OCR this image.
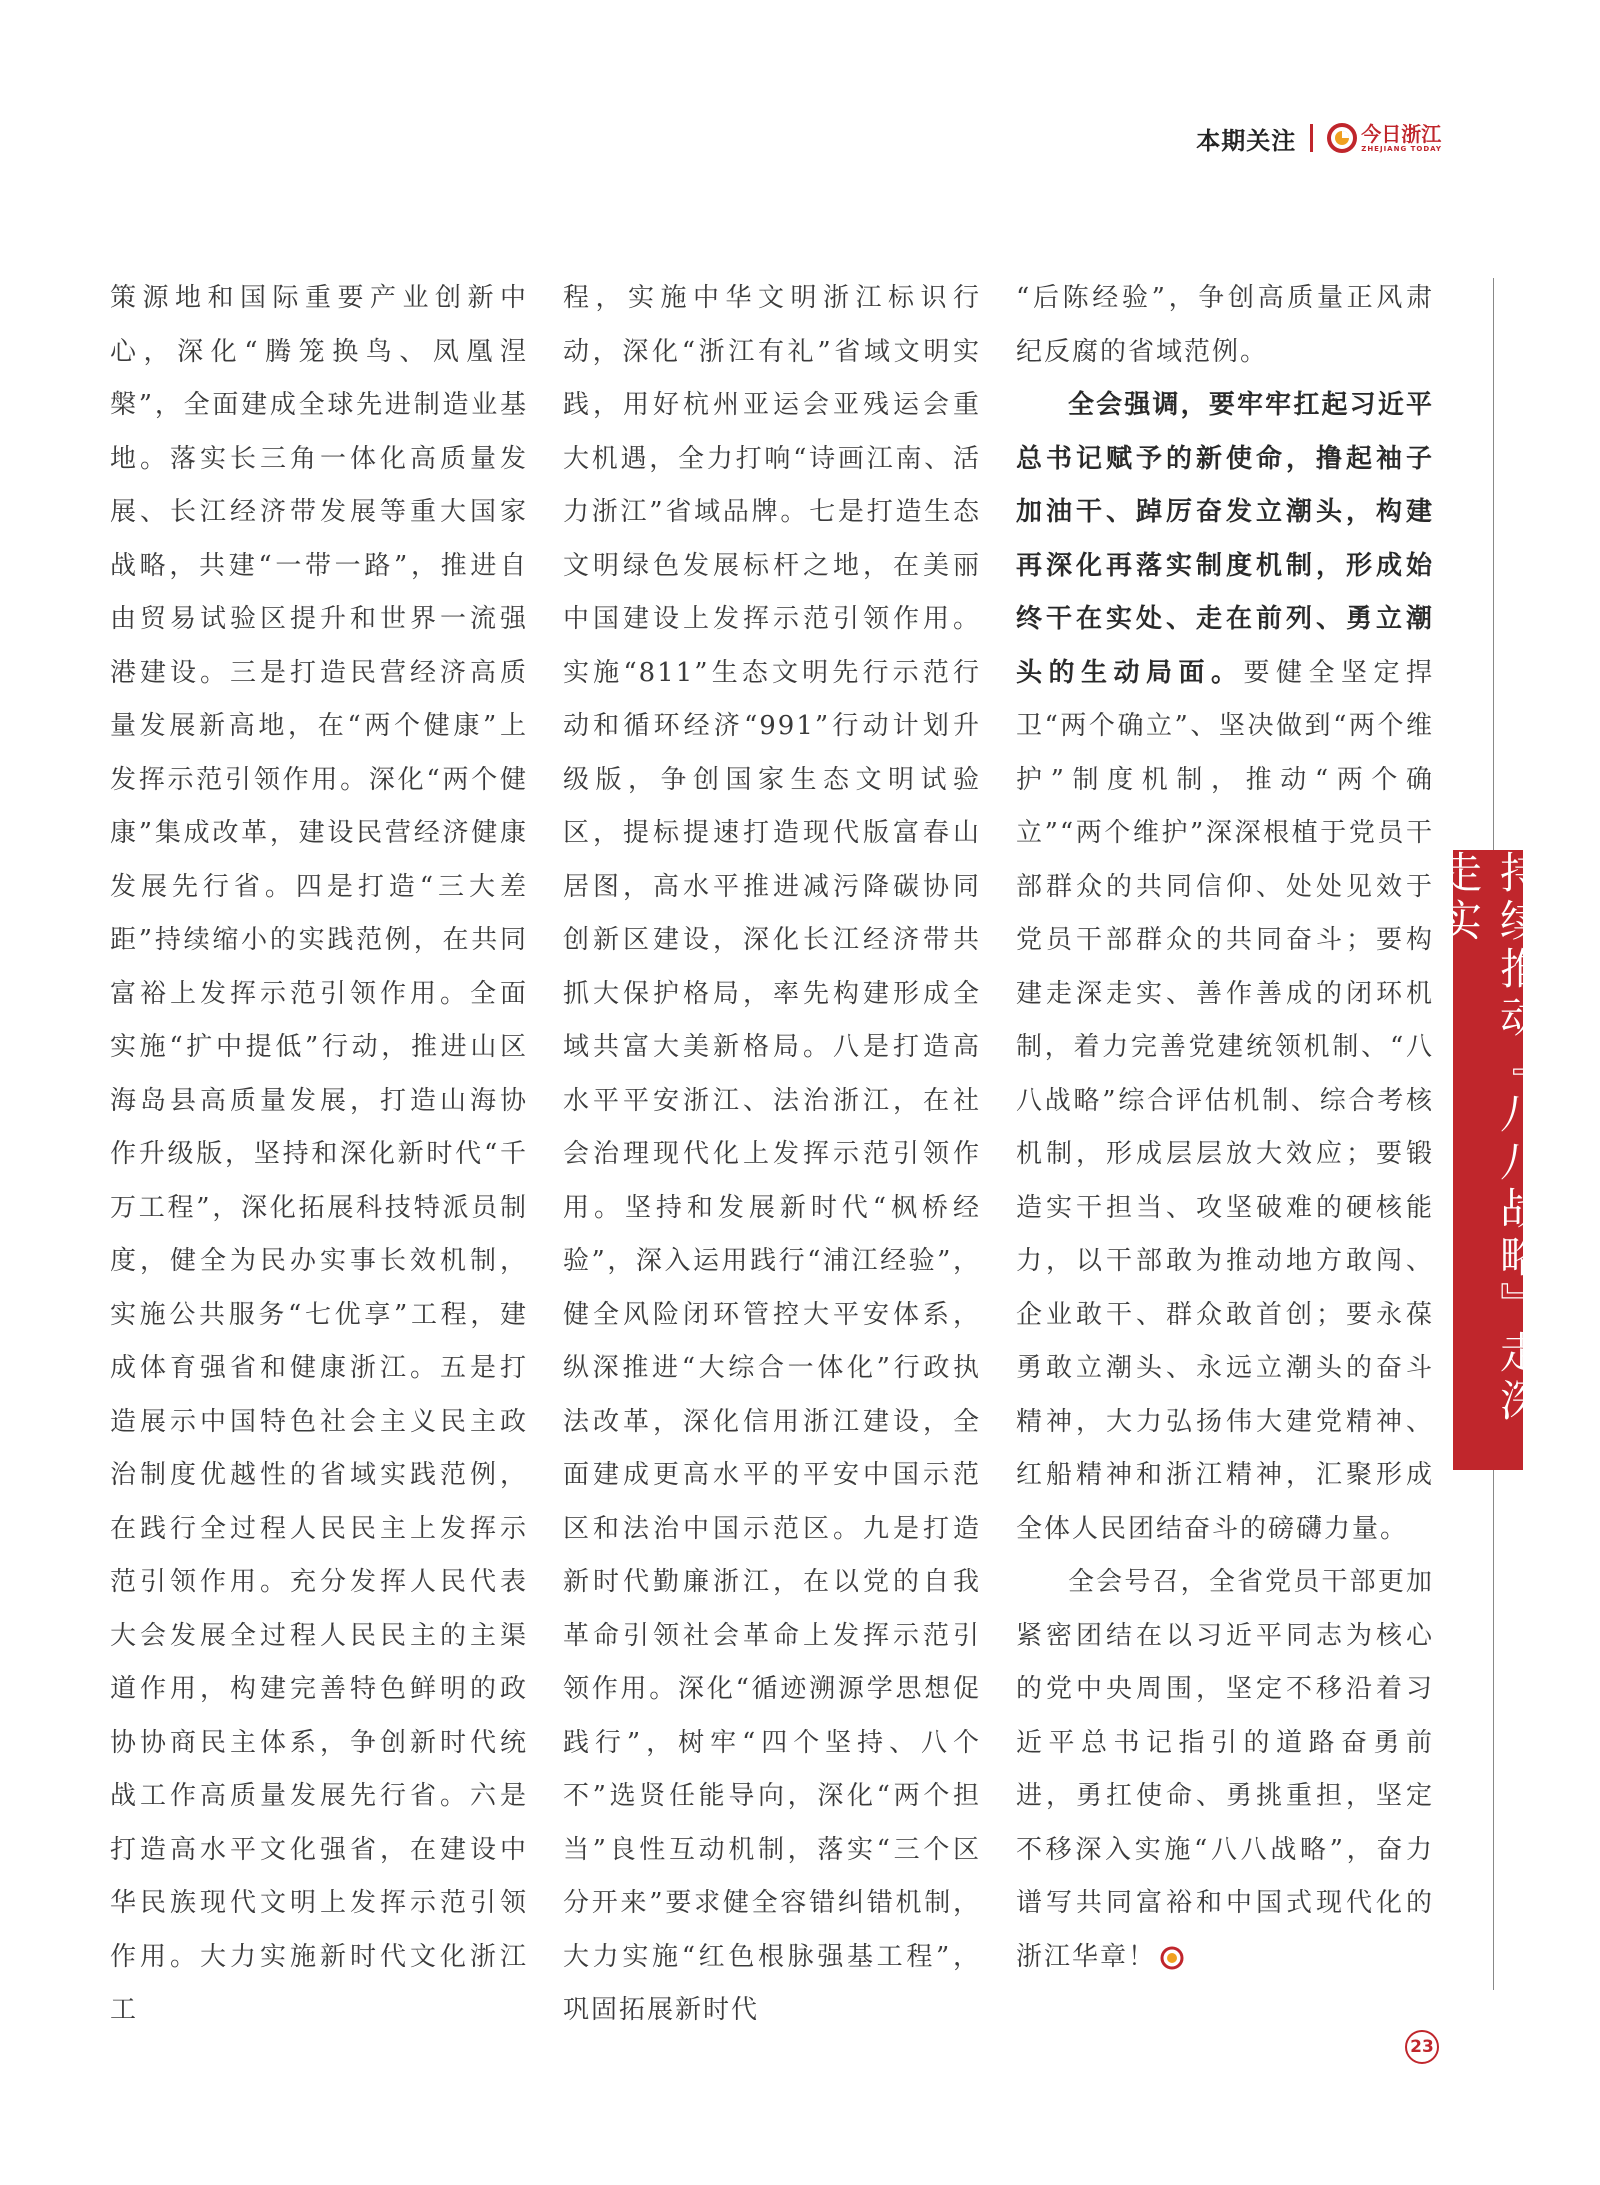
本期关注	今日浙江
ZHEJIANG TODAY

策源地和国际重要产业创新中心，深化“腾笼换鸟、凤凰涅槃”，全面建成全球先进制造业基地。落实长三角一体化高质量发展、长江经济带发展等重大国家战略，共建“一带一路”，推进自由贸易试验区提升和世界一流强港建设。三是打造民营经济高质量发展新高地，在“两个健康”上发挥示范引领作用。深化“两个健康”集成改革，建设民营经济健康发展先行省。四是打造“三大差距”持续缩小的实践范例，在共同富裕上发挥示范引领作用。全面实施“扩中提低”行动，推进山区海岛县高质量发展，打造山海协作升级版，坚持和深化新时代“千万工程”，深化拓展科技特派员制度，健全为民办实事长效机制，实施公共服务“七优享”工程，建成体育强省和健康浙江。五是打造展示中国特色社会主义民主政治制度优越性的省域实践范例，在践行全过程人民民主上发挥示范引领作用。充分发挥人民代表大会发展全过程人民民主的主渠道作用，构建完善特色鲜明的政协协商民主体系，争创新时代统战工作高质量发展先行省。六是打造高水平文化强省，在建设中华民族现代文明上发挥示范引领作用。大力实施新时代文化浙江工

程，实施中华文明浙江标识行动，深化“浙江有礼”省域文明实践，用好杭州亚运会亚残运会重大机遇，全力打响“诗画江南、活力浙江”省域品牌。七是打造生态文明绿色发展标杆之地，在美丽中国建设上发挥示范引领作用。实施“811”生态文明先行示范行动和循环经济“991”行动计划升级版，争创国家生态文明试验区，提标提速打造现代版富春山居图，高水平推进减污降碳协同创新区建设，深化长江经济带共抓大保护格局，率先构建形成全域共富大美新格局。八是打造高水平平安浙江、法治浙江，在社会治理现代化上发挥示范引领作用。坚持和发展新时代“枫桥经验”，深入运用践行“浦江经验”，健全风险闭环管控大平安体系，纵深推进“大综合一体化”行政执法改革，深化信用浙江建设，全面建成更高水平的平安中国示范区和法治中国示范区。九是打造新时代勤廉浙江，在以党的自我革命引领社会革命上发挥示范引领作用。深化“循迹溯源学思想促践行”，树牢“四个坚持、八个不”选贤任能导向，深化“两个担当”良性互动机制，落实“三个区分开来”要求健全容错纠错机制，大力实施“红色根脉强基工程”，巩固拓展新时代

“后陈经验”，争创高质量正风肃纪反腐的省域范例。

全会强调，要牢牢扛起习近平总书记赋予的新使命，撸起袖子加油干、踔厉奋发立潮头，构建再深化再落实制度机制，形成始终干在实处、走在前列、勇立潮头的生动局面。要健全坚定捍卫“两个确立”、坚决做到“两个维护”制度机制，推动“两个确立”“两个维护”深深根植于党员干部群众的共同信仰、处处见效于党员干部群众的共同奋斗；要构建走深走实、善作善成的闭环机制，着力完善党建统领机制、“八八战略”综合评估机制、综合考核机制，形成层层放大效应；要锻造实干担当、攻坚破难的硬核能力，以干部敢为推动地方敢闯、企业敢干、群众敢首创；要永葆勇敢立潮头、永远立潮头的奋斗精神，大力弘扬伟大建党精神、红船精神和浙江精神，汇聚形成全体人民团结奋斗的磅礴力量。

全会号召，全省党员干部更加紧密团结在以习近平同志为核心的党中央周围，坚定不移沿着习近平总书记指引的道路奋勇前进，勇扛使命、勇挑重担，坚定不移深入实施“八八战略”，奋力谱写共同富裕和中国式现代化的浙江华章！

持续推动『八八战略』走深走实
23
